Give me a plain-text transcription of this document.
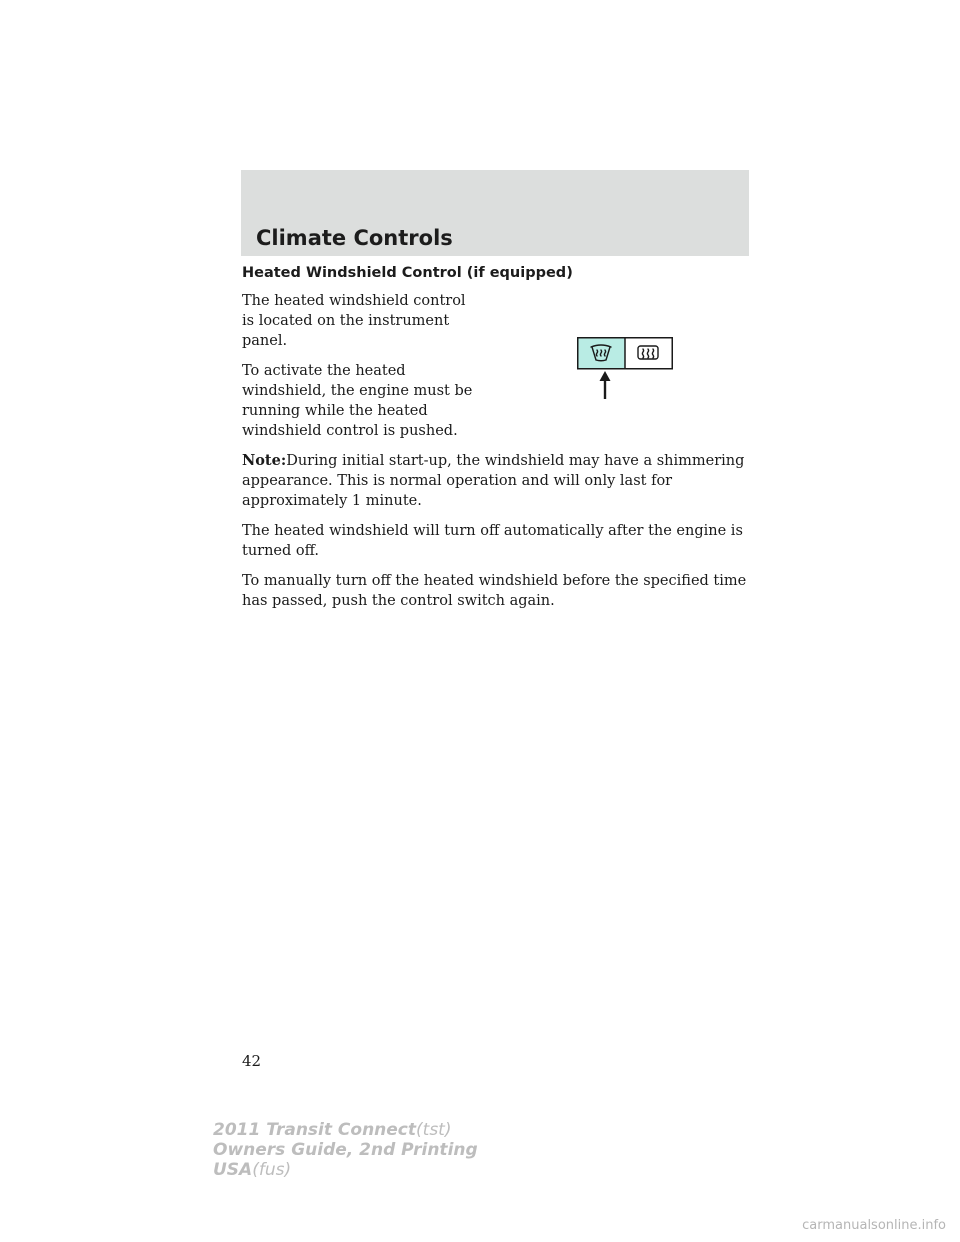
Climate Controls
Heated Windshield Control (if equipped)

The heated windshield control is located on the instrument panel.

To activate the heated windshield, the engine must be running while the heated windshield control is pushed.

Note:During initial start-up, the windshield may have a shimmering appearance. This is normal operation and will only last for approximately 1 minute.

The heated windshield will turn off automatically after the engine is turned off.

To manually turn off the heated windshield before the specified time has passed, push the control switch again.

42

2011 Transit Connect(tst)
Owners Guide, 2nd Printing
USA(fus)
carmanualsonline.info
